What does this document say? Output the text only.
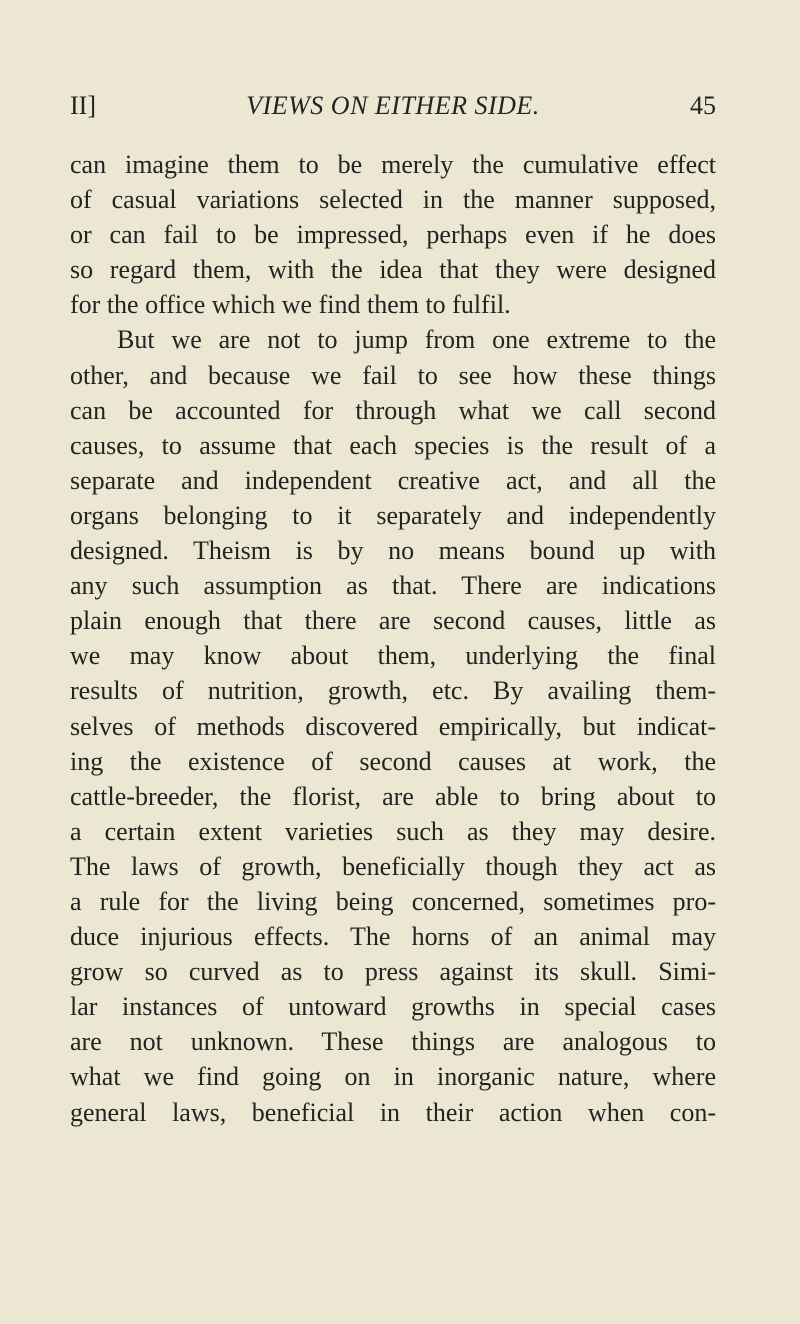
II]	VIEWS ON EITHER SIDE.	45
can imagine them to be merely the cumulative effect
of casual variations selected in the manner supposed,
or can fail to be impressed, perhaps even if he does
so regard them, with the idea that they were designed
for the office which we find them to fulfil.
But we are not to jump from one extreme to the
other, and because we fail to see how these things
can be accounted for through what we call second
causes, to assume that each species is the result of a
separate and independent creative act, and all the
organs belonging to it separately and independently
designed. Theism is by no means bound up with
any such assumption as that. There are indications
plain enough that there are second causes, little as
we may know about them, underlying the final
results of nutrition, growth, etc. By availing them-
selves of methods discovered empirically, but indicat-
ing the existence of second causes at work, the
cattle-breeder, the florist, are able to bring about to
a certain extent varieties such as they may desire.
The laws of growth, beneficially though they act as
a rule for the living being concerned, sometimes pro-
duce injurious effects. The horns of an animal may
grow so curved as to press against its skull. Simi-
lar instances of untoward growths in special cases
are not unknown. These things are analogous to
what we find going on in inorganic nature, where
general laws, beneficial in their action when con-
